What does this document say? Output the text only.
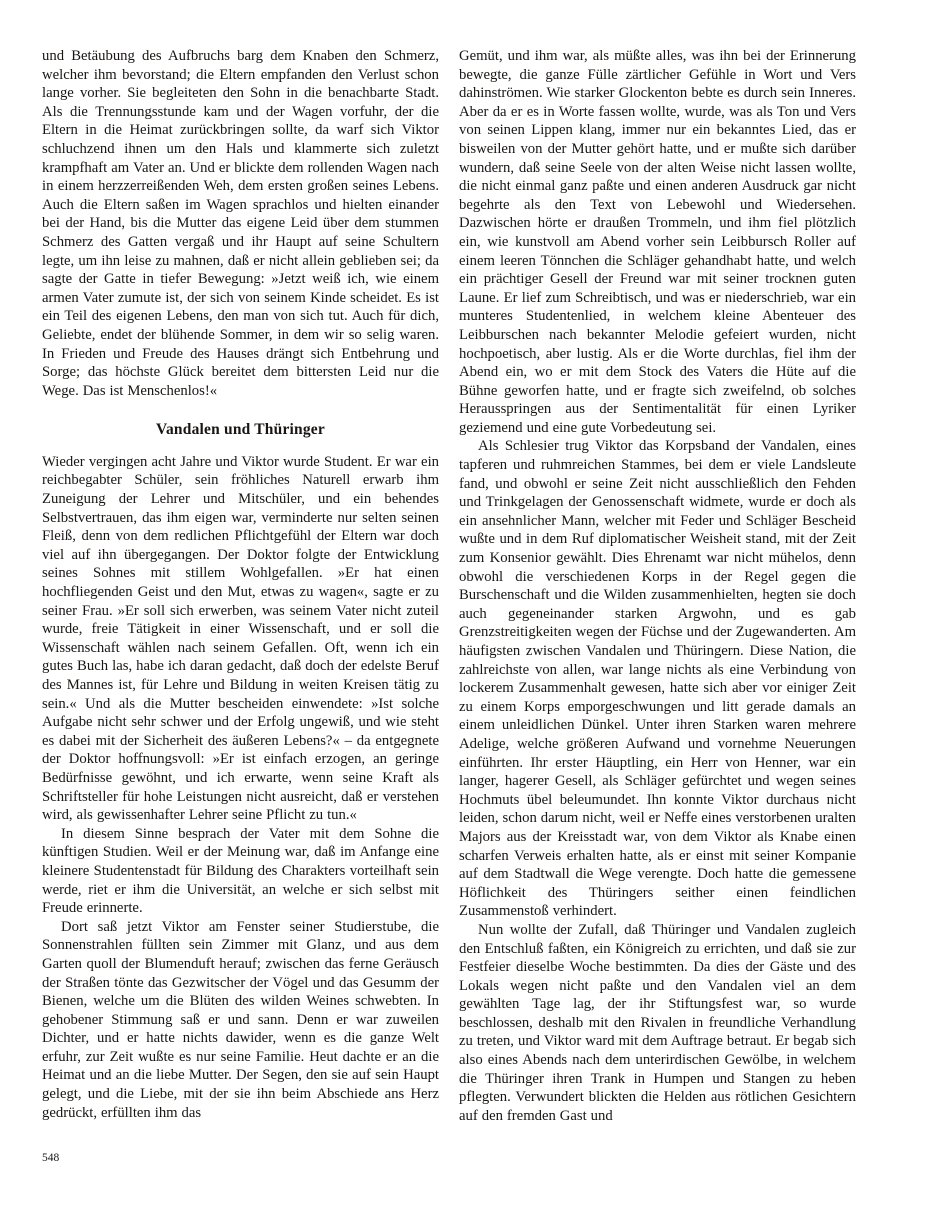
und Betäubung des Aufbruchs barg dem Knaben den Schmerz, welcher ihm bevorstand; die Eltern empfanden den Verlust schon lange vorher. Sie begleiteten den Sohn in die benachbarte Stadt. Als die Trennungsstunde kam und der Wagen vorfuhr, der die Eltern in die Heimat zurückbringen sollte, da warf sich Viktor schluchzend ihnen um den Hals und klammerte sich zuletzt krampfhaft am Vater an. Und er blickte dem rollenden Wagen nach in einem herzzerreißenden Weh, dem ersten großen seines Lebens. Auch die Eltern saßen im Wagen sprachlos und hielten einander bei der Hand, bis die Mutter das eigene Leid über dem stummen Schmerz des Gatten vergaß und ihr Haupt auf seine Schultern legte, um ihn leise zu mahnen, daß er nicht allein geblieben sei; da sagte der Gatte in tiefer Bewegung: »Jetzt weiß ich, wie einem armen Vater zumute ist, der sich von seinem Kinde scheidet. Es ist ein Teil des eigenen Lebens, den man von sich tut. Auch für dich, Geliebte, endet der blühende Sommer, in dem wir so selig waren. In Frieden und Freude des Hauses drängt sich Entbehrung und Sorge; das höchste Glück bereitet dem bittersten Leid nur die Wege. Das ist Menschenlos!«

Vandalen und Thüringer

Wieder vergingen acht Jahre und Viktor wurde Student. Er war ein reichbegabter Schüler, sein fröhliches Naturell erwarb ihm Zuneigung der Lehrer und Mitschüler, und ein behendes Selbstvertrauen, das ihm eigen war, verminderte nur selten seinen Fleiß, denn von dem redlichen Pflichtgefühl der Eltern war doch viel auf ihn übergegangen. Der Doktor folgte der Entwicklung seines Sohnes mit stillem Wohlgefallen. »Er hat einen hochfliegenden Geist und den Mut, etwas zu wagen«, sagte er zu seiner Frau. »Er soll sich erwerben, was seinem Vater nicht zuteil wurde, freie Tätigkeit in einer Wissenschaft, und er soll die Wissenschaft wählen nach seinem Gefallen. Oft, wenn ich ein gutes Buch las, habe ich daran gedacht, daß doch der edelste Beruf des Mannes ist, für Lehre und Bildung in weiten Kreisen tätig zu sein.« Und als die Mutter bescheiden einwendete: »Ist solche Aufgabe nicht sehr schwer und der Erfolg ungewiß, und wie steht es dabei mit der Sicherheit des äußeren Lebens?« – da entgegnete der Doktor hoffnungsvoll: »Er ist einfach erzogen, an geringe Bedürfnisse gewöhnt, und ich erwarte, wenn seine Kraft als Schriftsteller für hohe Leistungen nicht ausreicht, daß er verstehen wird, als gewissenhafter Lehrer seine Pflicht zu tun.«

In diesem Sinne besprach der Vater mit dem Sohne die künftigen Studien. Weil er der Meinung war, daß im Anfange eine kleinere Studentenstadt für Bildung des Charakters vorteilhaft sein werde, riet er ihm die Universität, an welche er sich selbst mit Freude erinnerte.

Dort saß jetzt Viktor am Fenster seiner Studierstube, die Sonnenstrahlen füllten sein Zimmer mit Glanz, und aus dem Garten quoll der Blumenduft herauf; zwischen das ferne Geräusch der Straßen tönte das Gezwitscher der Vögel und das Gesumm der Bienen, welche um die Blüten des wilden Weines schwebten. In gehobener Stimmung saß er und sann. Denn er war zuweilen Dichter, und er hatte nichts dawider, wenn es die ganze Welt erfuhr, zur Zeit wußte es nur seine Familie. Heut dachte er an die Heimat und an die liebe Mutter. Der Segen, den sie auf sein Haupt gelegt, und die Liebe, mit der sie ihn beim Abschiede ans Herz gedrückt, erfüllten ihm das

Gemüt, und ihm war, als müßte alles, was ihn bei der Erinnerung bewegte, die ganze Fülle zärtlicher Gefühle in Wort und Vers dahinströmen. Wie starker Glockenton bebte es durch sein Inneres. Aber da er es in Worte fassen wollte, wurde, was als Ton und Vers von seinen Lippen klang, immer nur ein bekanntes Lied, das er bisweilen von der Mutter gehört hatte, und er mußte sich darüber wundern, daß seine Seele von der alten Weise nicht lassen wollte, die nicht einmal ganz paßte und einen anderen Ausdruck gar nicht begehrte als den Text von Lebewohl und Wiedersehen. Dazwischen hörte er draußen Trommeln, und ihm fiel plötzlich ein, wie kunstvoll am Abend vorher sein Leibbursch Roller auf einem leeren Tönnchen die Schläger gehandhabt hatte, und welch ein prächtiger Gesell der Freund war mit seiner trocknen guten Laune. Er lief zum Schreibtisch, und was er niederschrieb, war ein munteres Studentenlied, in welchem kleine Abenteuer des Leibburschen nach bekannter Melodie gefeiert wurden, nicht hochpoetisch, aber lustig. Als er die Worte durchlas, fiel ihm der Abend ein, wo er mit dem Stock des Vaters die Hüte auf die Bühne geworfen hatte, und er fragte sich zweifelnd, ob solches Herausspringen aus der Sentimentalität für einen Lyriker geziemend und eine gute Vorbedeutung sei.

Als Schlesier trug Viktor das Korpsband der Vandalen, eines tapferen und ruhmreichen Stammes, bei dem er viele Landsleute fand, und obwohl er seine Zeit nicht ausschließlich den Fehden und Trinkgelagen der Genossenschaft widmete, wurde er doch als ein ansehnlicher Mann, welcher mit Feder und Schläger Bescheid wußte und in dem Ruf diplomatischer Weisheit stand, mit der Zeit zum Konsenior gewählt. Dies Ehrenamt war nicht mühelos, denn obwohl die verschiedenen Korps in der Regel gegen die Burschenschaft und die Wilden zusammenhielten, hegten sie doch auch gegeneinander starken Argwohn, und es gab Grenzstreitigkeiten wegen der Füchse und der Zugewanderten. Am häufigsten zwischen Vandalen und Thüringern. Diese Nation, die zahlreichste von allen, war lange nichts als eine Verbindung von lockerem Zusammenhalt gewesen, hatte sich aber vor einiger Zeit zu einem Korps emporgeschwungen und litt gerade damals an einem unleidlichen Dünkel. Unter ihren Starken waren mehrere Adelige, welche größeren Aufwand und vornehme Neuerungen einführten. Ihr erster Häuptling, ein Herr von Henner, war ein langer, hagerer Gesell, als Schläger gefürchtet und wegen seines Hochmuts übel beleumundet. Ihn konnte Viktor durchaus nicht leiden, schon darum nicht, weil er Neffe eines verstorbenen uralten Majors aus der Kreisstadt war, von dem Viktor als Knabe einen scharfen Verweis erhalten hatte, als er einst mit seiner Kompanie auf dem Stadtwall die Wege verengte. Doch hatte die gemessene Höflichkeit des Thüringers seither einen feindlichen Zusammenstoß verhindert.

Nun wollte der Zufall, daß Thüringer und Vandalen zugleich den Entschluß faßten, ein Königreich zu errichten, und daß sie zur Festfeier dieselbe Woche bestimmten. Da dies der Gäste und des Lokals wegen nicht paßte und den Vandalen viel an dem gewählten Tage lag, der ihr Stiftungsfest war, so wurde beschlossen, deshalb mit den Rivalen in freundliche Verhandlung zu treten, und Viktor ward mit dem Auftrage betraut. Er begab sich also eines Abends nach dem unterirdischen Gewölbe, in welchem die Thüringer ihren Trank in Humpen und Stangen zu heben pflegten. Verwundert blickten die Helden aus rötlichen Gesichtern auf den fremden Gast und

548
